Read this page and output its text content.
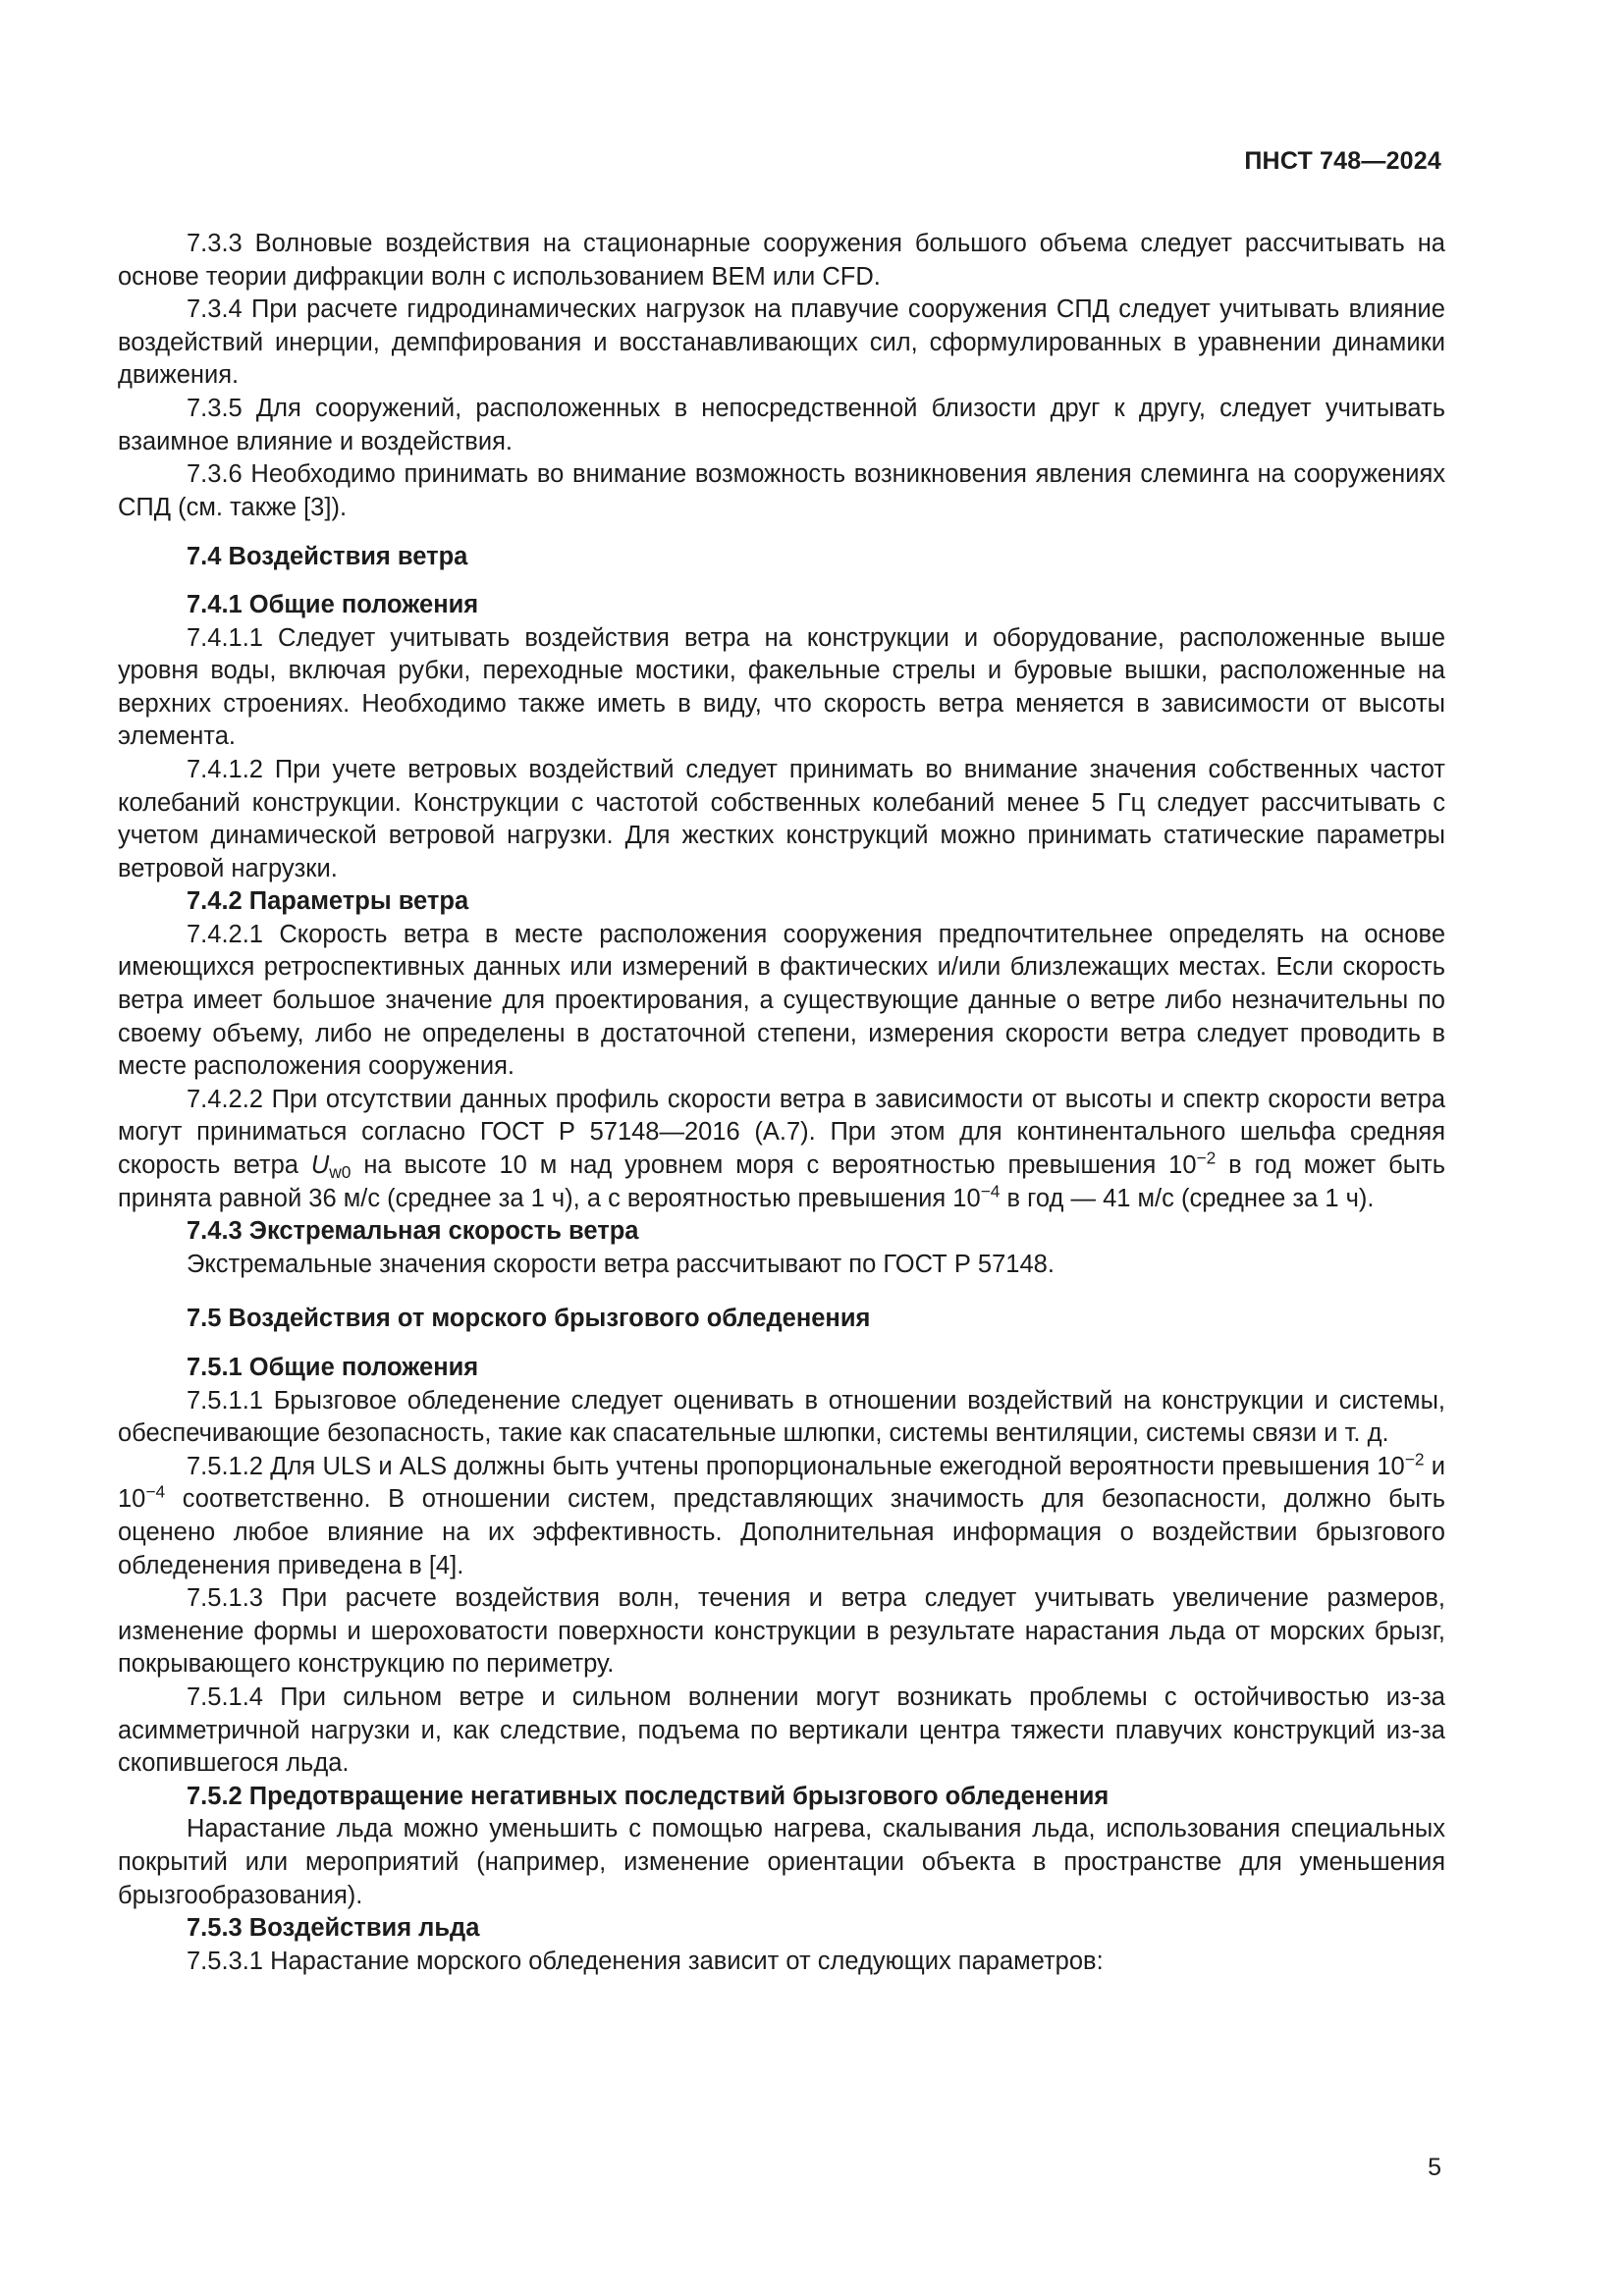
ПНСТ 748—2024

7.3.3 Волновые воздействия на стационарные сооружения большого объема следует рассчитывать на основе теории дифракции волн с использованием BEM или CFD.

7.3.4 При расчете гидродинамических нагрузок на плавучие сооружения СПД следует учитывать влияние воздействий инерции, демпфирования и восстанавливающих сил, сформулированных в уравнении динамики движения.

7.3.5 Для сооружений, расположенных в непосредственной близости друг к другу, следует учитывать взаимное влияние и воздействия.

7.3.6 Необходимо принимать во внимание возможность возникновения явления слеминга на сооружениях СПД (см. также [3]).

7.4 Воздействия ветра

7.4.1 Общие положения

7.4.1.1 Следует учитывать воздействия ветра на конструкции и оборудование, расположенные выше уровня воды, включая рубки, переходные мостики, факельные стрелы и буровые вышки, расположенные на верхних строениях. Необходимо также иметь в виду, что скорость ветра меняется в зависимости от высоты элемента.

7.4.1.2 При учете ветровых воздействий следует принимать во внимание значения собственных частот колебаний конструкции. Конструкции с частотой собственных колебаний менее 5 Гц следует рассчитывать с учетом динамической ветровой нагрузки. Для жестких конструкций можно принимать статические параметры ветровой нагрузки.

7.4.2 Параметры ветра

7.4.2.1 Скорость ветра в месте расположения сооружения предпочтительнее определять на основе имеющихся ретроспективных данных или измерений в фактических и/или близлежащих местах. Если скорость ветра имеет большое значение для проектирования, а существующие данные о ветре либо незначительны по своему объему, либо не определены в достаточной степени, измерения скорости ветра следует проводить в месте расположения сооружения.

7.4.2.2 При отсутствии данных профиль скорости ветра в зависимости от высоты и спектр скорости ветра могут приниматься согласно ГОСТ Р 57148—2016 (А.7). При этом для континентального шельфа средняя скорость ветра $U_{w0}$ на высоте 10 м над уровнем моря с вероятностью превышения $10^{-2}$ в год может быть принята равной 36 м/с (среднее за 1 ч), а с вероятностью превышения $10^{-4}$ в год — 41 м/с (среднее за 1 ч).

7.4.3 Экстремальная скорость ветра

Экстремальные значения скорости ветра рассчитывают по ГОСТ Р 57148.

7.5 Воздействия от морского брызгового обледенения

7.5.1 Общие положения

7.5.1.1 Брызговое обледенение следует оценивать в отношении воздействий на конструкции и системы, обеспечивающие безопасность, такие как спасательные шлюпки, системы вентиляции, системы связи и т. д.

7.5.1.2 Для ULS и ALS должны быть учтены пропорциональные ежегодной вероятности превышения $10^{-2}$ и $10^{-4}$ соответственно. В отношении систем, представляющих значимость для безопасности, должно быть оценено любое влияние на их эффективность. Дополнительная информация о воздействии брызгового обледенения приведена в [4].

7.5.1.3 При расчете воздействия волн, течения и ветра следует учитывать увеличение размеров, изменение формы и шероховатости поверхности конструкции в результате нарастания льда от морских брызг, покрывающего конструкцию по периметру.

7.5.1.4 При сильном ветре и сильном волнении могут возникать проблемы с остойчивостью из-за асимметричной нагрузки и, как следствие, подъема по вертикали центра тяжести плавучих конструкций из-за скопившегося льда.

7.5.2 Предотвращение негативных последствий брызгового обледенения

Нарастание льда можно уменьшить с помощью нагрева, скалывания льда, использования специальных покрытий или мероприятий (например, изменение ориентации объекта в пространстве для уменьшения брызгообразования).

7.5.3 Воздействия льда

7.5.3.1 Нарастание морского обледенения зависит от следующих параметров:

5
